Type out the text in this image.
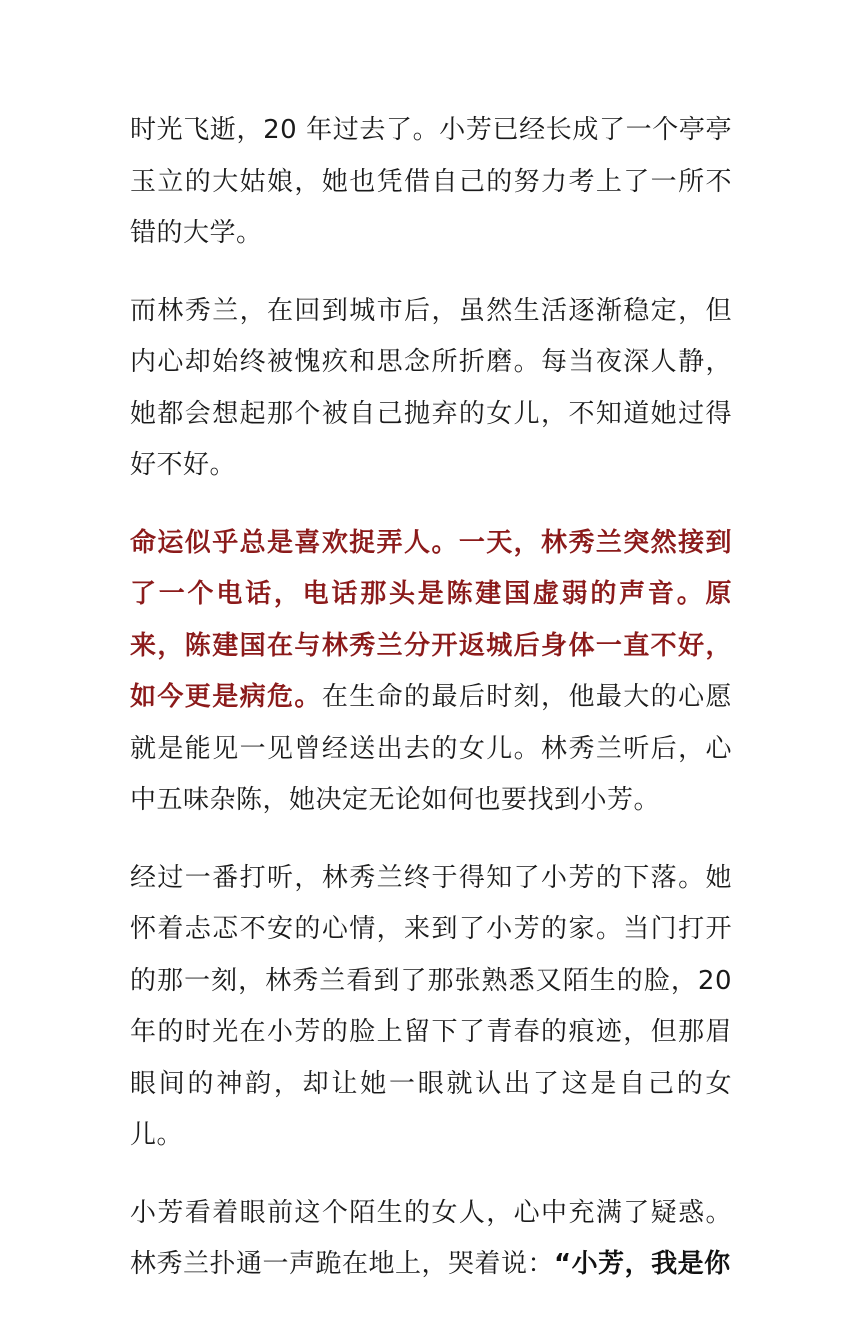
时光飞逝，20 年过去了。小芳已经长成了一个亭亭玉立的大姑娘，她也凭借自己的努力考上了一所不错的大学。

而林秀兰，在回到城市后，虽然生活逐渐稳定，但内心却始终被愧疚和思念所折磨。每当夜深人静，她都会想起那个被自己抛弃的女儿，不知道她过得好不好。

命运似乎总是喜欢捉弄人。一天，林秀兰突然接到了一个电话，电话那头是陈建国虚弱的声音。原来，陈建国在与林秀兰分开返城后身体一直不好，如今更是病危。在生命的最后时刻，他最大的心愿就是能见一见曾经送出去的女儿。林秀兰听后，心中五味杂陈，她决定无论如何也要找到小芳。

经过一番打听，林秀兰终于得知了小芳的下落。她怀着忐忑不安的心情，来到了小芳的家。当门打开的那一刻，林秀兰看到了那张熟悉又陌生的脸，20年的时光在小芳的脸上留下了青春的痕迹，但那眉眼间的神韵，却让她一眼就认出了这是自己的女儿。

小芳看着眼前这个陌生的女人，心中充满了疑惑。林秀兰扑通一声跪在地上，哭着说：“小芳，我是你
